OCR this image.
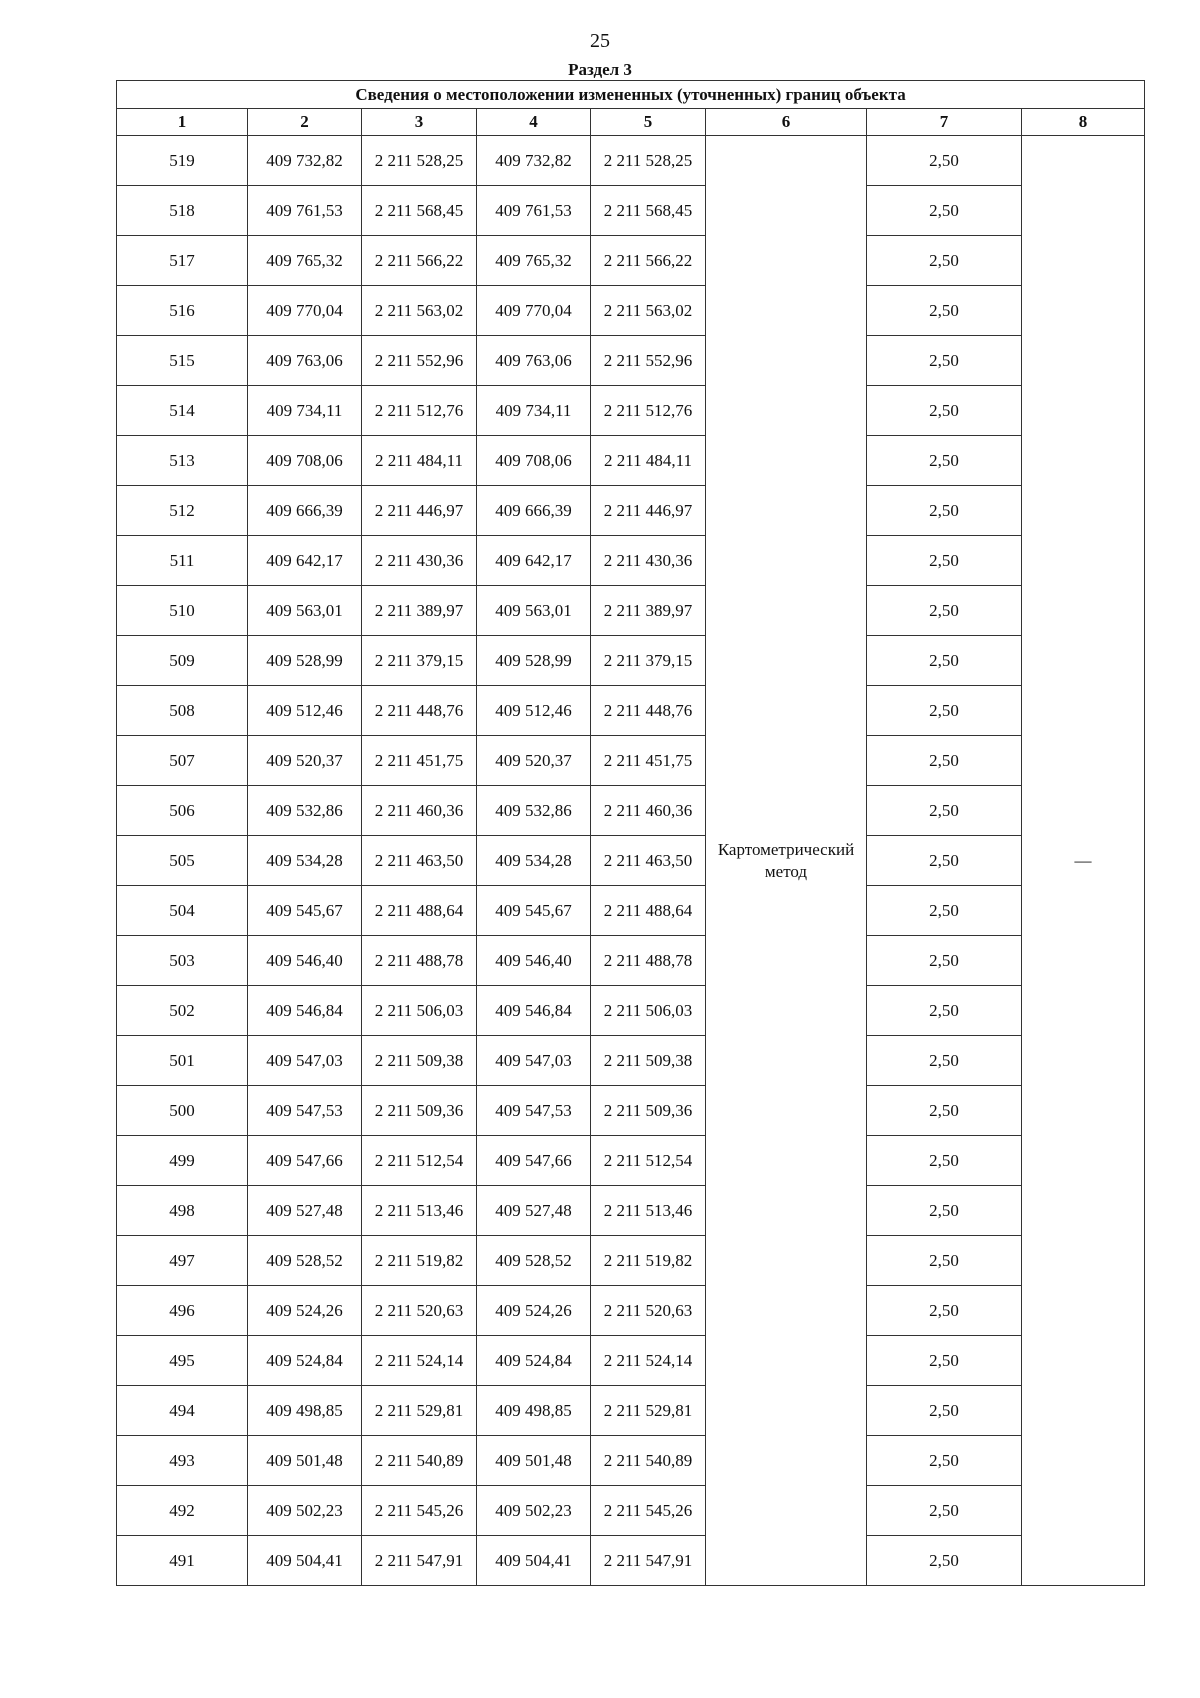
25
Раздел 3
Сведения о местоположении измененных (уточненных) границ объекта							
1	2	3	4	5	6	7	8
519	409 732,82	2 211 528,25	409 732,82	2 211 528,25	Картометрический метод	2,50	—
518	409 761,53	2 211 568,45	409 761,53	2 211 568,45		2,50	
517	409 765,32	2 211 566,22	409 765,32	2 211 566,22		2,50	
516	409 770,04	2 211 563,02	409 770,04	2 211 563,02		2,50	
515	409 763,06	2 211 552,96	409 763,06	2 211 552,96		2,50	
514	409 734,11	2 211 512,76	409 734,11	2 211 512,76		2,50	
513	409 708,06	2 211 484,11	409 708,06	2 211 484,11		2,50	
512	409 666,39	2 211 446,97	409 666,39	2 211 446,97		2,50	
511	409 642,17	2 211 430,36	409 642,17	2 211 430,36		2,50	
510	409 563,01	2 211 389,97	409 563,01	2 211 389,97		2,50	
509	409 528,99	2 211 379,15	409 528,99	2 211 379,15		2,50	
508	409 512,46	2 211 448,76	409 512,46	2 211 448,76		2,50	
507	409 520,37	2 211 451,75	409 520,37	2 211 451,75		2,50	
506	409 532,86	2 211 460,36	409 532,86	2 211 460,36		2,50	
505	409 534,28	2 211 463,50	409 534,28	2 211 463,50		2,50	
504	409 545,67	2 211 488,64	409 545,67	2 211 488,64		2,50	
503	409 546,40	2 211 488,78	409 546,40	2 211 488,78		2,50	
502	409 546,84	2 211 506,03	409 546,84	2 211 506,03		2,50	
501	409 547,03	2 211 509,38	409 547,03	2 211 509,38		2,50	
500	409 547,53	2 211 509,36	409 547,53	2 211 509,36		2,50	
499	409 547,66	2 211 512,54	409 547,66	2 211 512,54		2,50	
498	409 527,48	2 211 513,46	409 527,48	2 211 513,46		2,50	
497	409 528,52	2 211 519,82	409 528,52	2 211 519,82		2,50	
496	409 524,26	2 211 520,63	409 524,26	2 211 520,63		2,50	
495	409 524,84	2 211 524,14	409 524,84	2 211 524,14		2,50	
494	409 498,85	2 211 529,81	409 498,85	2 211 529,81		2,50	
493	409 501,48	2 211 540,89	409 501,48	2 211 540,89		2,50	
492	409 502,23	2 211 545,26	409 502,23	2 211 545,26		2,50	
491	409 504,41	2 211 547,91	409 504,41	2 211 547,91		2,50	
